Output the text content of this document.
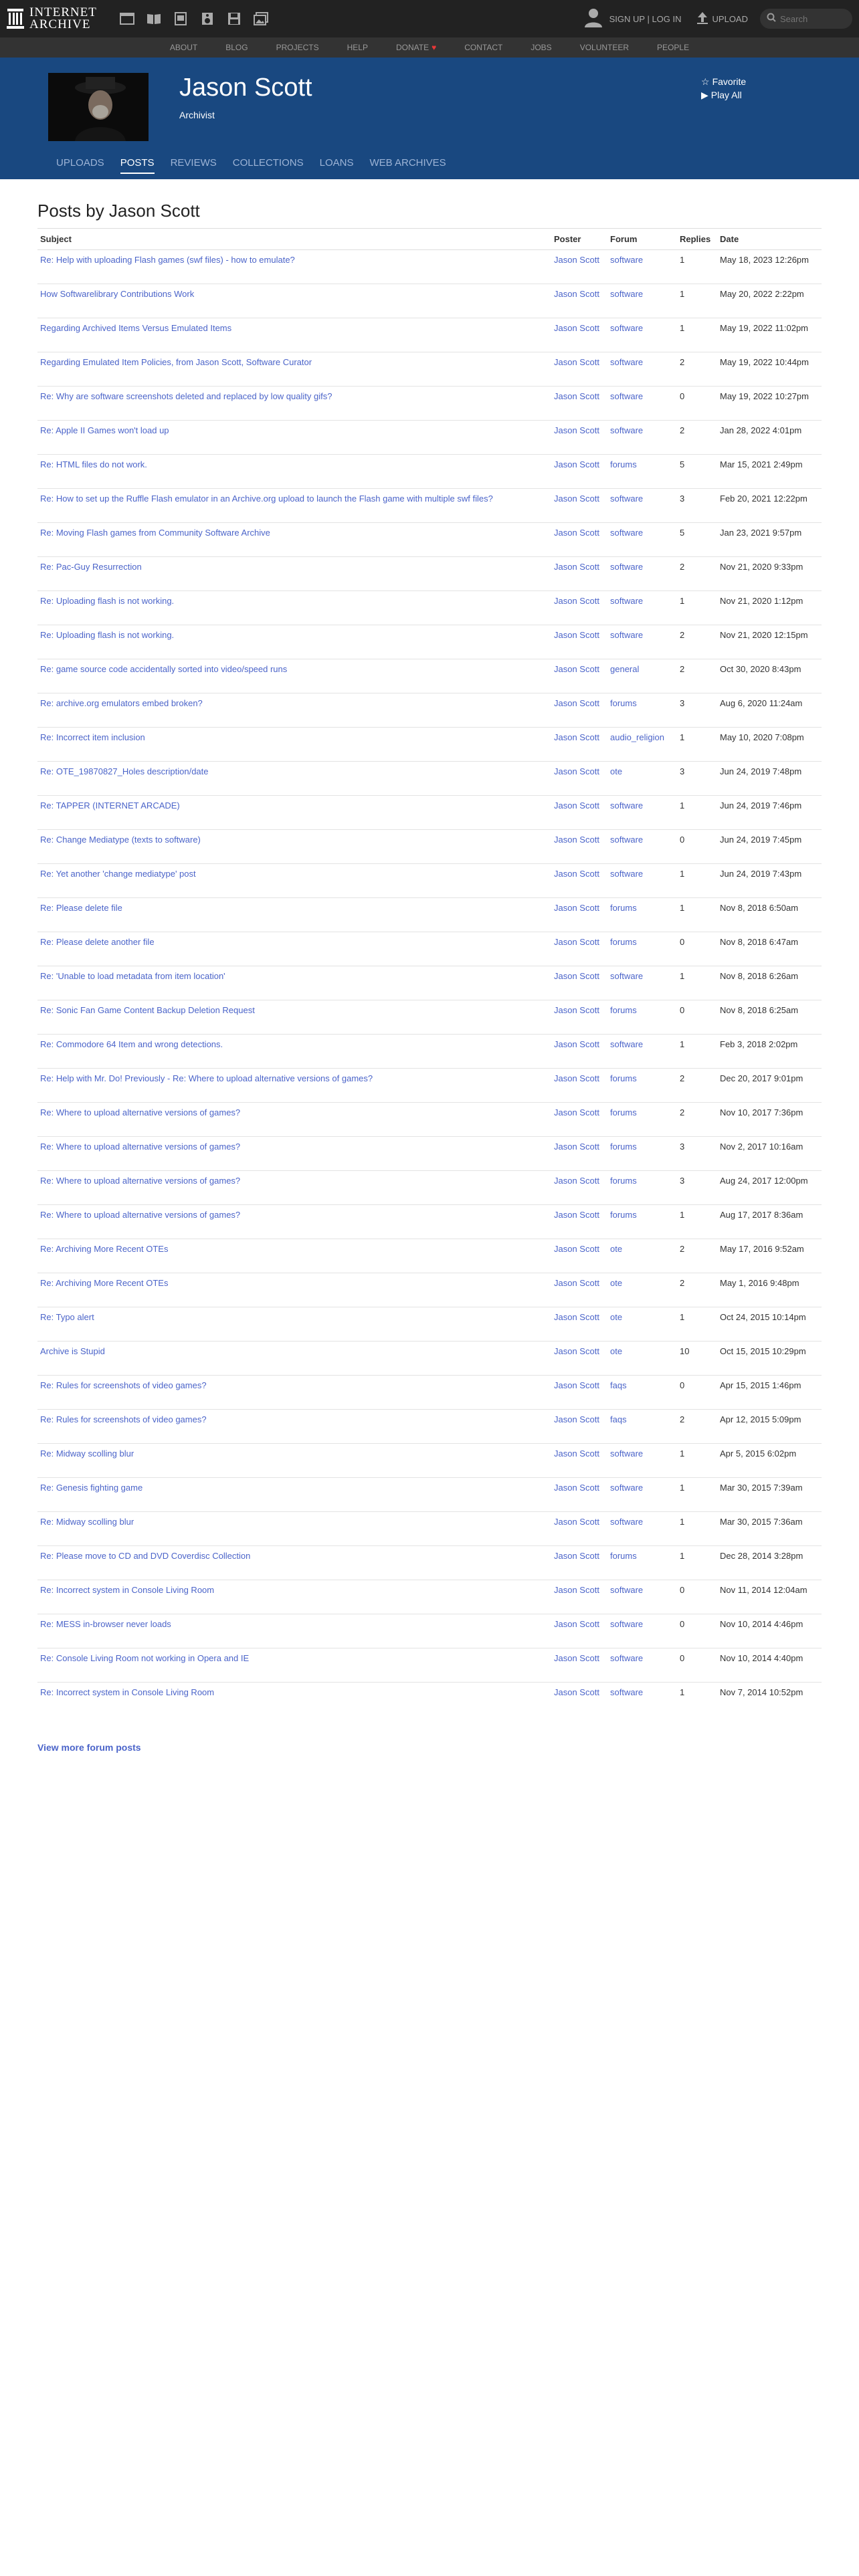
INTERNET
ARCHIVE	SIGN UP | LOG IN	UPLOAD
Search
ABOUT	BLOG	PROJECTS	HELP	DONATE ♥	CONTACT	JOBS	VOLUNTEER	PEOPLE
Jason Scott
Archivist
☆ Favorite
▶ Play All
UPLOADS POSTS REVIEWS COLLECTIONS LOANS WEB ARCHIVES
Posts by Jason Scott
Subject	Poster	Forum	Replies	Date
Re: Help with uploading Flash games (swf files) - how to emulate?	Jason Scott	software	1	May 18, 2023 12:26pm
How Softwarelibrary Contributions Work	Jason Scott	software	1	May 20, 2022 2:22pm
Regarding Archived Items Versus Emulated Items	Jason Scott	software	1	May 19, 2022 11:02pm
Regarding Emulated Item Policies, from Jason Scott, Software Curator	Jason Scott	software	2	May 19, 2022 10:44pm
Re: Why are software screenshots deleted and replaced by low quality gifs?	Jason Scott	software	0	May 19, 2022 10:27pm
Re: Apple II Games won't load up	Jason Scott	software	2	Jan 28, 2022 4:01pm
Re: HTML files do not work.	Jason Scott	forums	5	Mar 15, 2021 2:49pm
Re: How to set up the Ruffle Flash emulator in an Archive.org upload to launch the Flash game with multiple swf files?	Jason Scott	software	3	Feb 20, 2021 12:22pm
Re: Moving Flash games from Community Software Archive	Jason Scott	software	5	Jan 23, 2021 9:57pm
Re: Pac-Guy Resurrection	Jason Scott	software	2	Nov 21, 2020 9:33pm
Re: Uploading flash is not working.	Jason Scott	software	1	Nov 21, 2020 1:12pm
Re: Uploading flash is not working.	Jason Scott	software	2	Nov 21, 2020 12:15pm
Re: game source code accidentally sorted into video/speed runs	Jason Scott	general	2	Oct 30, 2020 8:43pm
Re: archive.org emulators embed broken?	Jason Scott	forums	3	Aug 6, 2020 11:24am
Re: Incorrect item inclusion	Jason Scott	audio_religion	1	May 10, 2020 7:08pm
Re: OTE_19870827_Holes description/date	Jason Scott	ote	3	Jun 24, 2019 7:48pm
Re: TAPPER (INTERNET ARCADE)	Jason Scott	software	1	Jun 24, 2019 7:46pm
Re: Change Mediatype (texts to software)	Jason Scott	software	0	Jun 24, 2019 7:45pm
Re: Yet another 'change mediatype' post	Jason Scott	software	1	Jun 24, 2019 7:43pm
Re: Please delete file	Jason Scott	forums	1	Nov 8, 2018 6:50am
Re: Please delete another file	Jason Scott	forums	0	Nov 8, 2018 6:47am
Re: 'Unable to load metadata from item location'	Jason Scott	software	1	Nov 8, 2018 6:26am
Re: Sonic Fan Game Content Backup Deletion Request	Jason Scott	forums	0	Nov 8, 2018 6:25am
Re: Commodore 64 Item and wrong detections.	Jason Scott	software	1	Feb 3, 2018 2:02pm
Re: Help with Mr. Do! Previously - Re: Where to upload alternative versions of games?	Jason Scott	forums	2	Dec 20, 2017 9:01pm
Re: Where to upload alternative versions of games?	Jason Scott	forums	2	Nov 10, 2017 7:36pm
Re: Where to upload alternative versions of games?	Jason Scott	forums	3	Nov 2, 2017 10:16am
Re: Where to upload alternative versions of games?	Jason Scott	forums	3	Aug 24, 2017 12:00pm
Re: Where to upload alternative versions of games?	Jason Scott	forums	1	Aug 17, 2017 8:36am
Re: Archiving More Recent OTEs	Jason Scott	ote	2	May 17, 2016 9:52am
Re: Archiving More Recent OTEs	Jason Scott	ote	2	May 1, 2016 9:48pm
Re: Typo alert	Jason Scott	ote	1	Oct 24, 2015 10:14pm
Archive is Stupid	Jason Scott	ote	10	Oct 15, 2015 10:29pm
Re: Rules for screenshots of video games?	Jason Scott	faqs	0	Apr 15, 2015 1:46pm
Re: Rules for screenshots of video games?	Jason Scott	faqs	2	Apr 12, 2015 5:09pm
Re: Midway scolling blur	Jason Scott	software	1	Apr 5, 2015 6:02pm
Re: Genesis fighting game	Jason Scott	software	1	Mar 30, 2015 7:39am
Re: Midway scolling blur	Jason Scott	software	1	Mar 30, 2015 7:36am
Re: Please move to CD and DVD Coverdisc Collection	Jason Scott	forums	1	Dec 28, 2014 3:28pm
Re: Incorrect system in Console Living Room	Jason Scott	software	0	Nov 11, 2014 12:04am
Re: MESS in-browser never loads	Jason Scott	software	0	Nov 10, 2014 4:46pm
Re: Console Living Room not working in Opera and IE	Jason Scott	software	0	Nov 10, 2014 4:40pm
Re: Incorrect system in Console Living Room	Jason Scott	software	1	Nov 7, 2014 10:52pm
View more forum posts
